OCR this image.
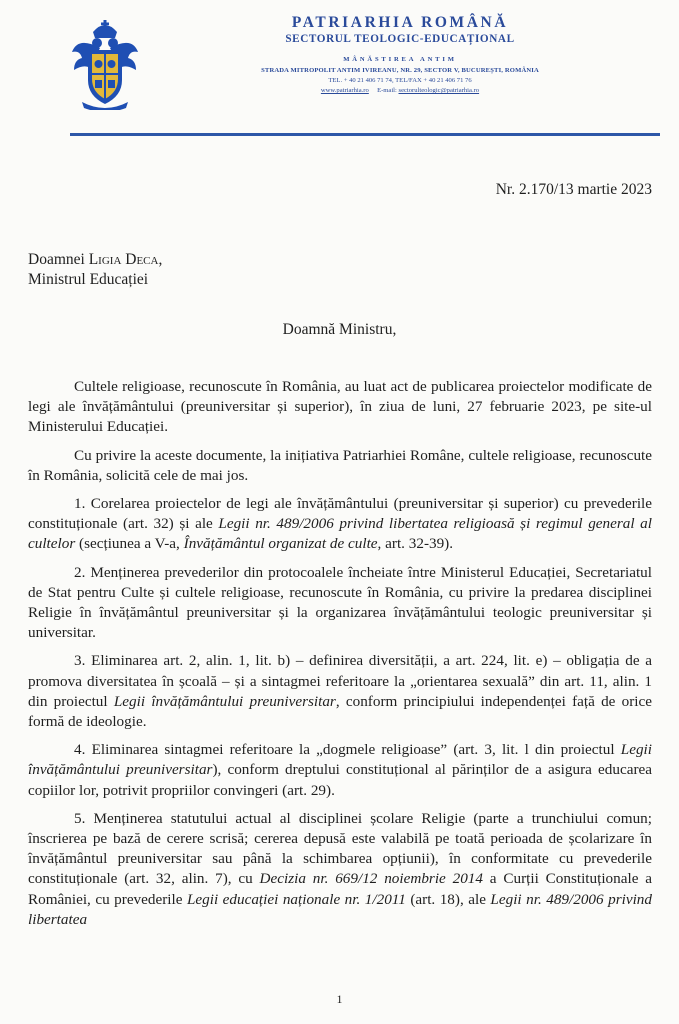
PATRIARHIA ROMÂNĂ
SECTORUL TEOLOGIC-EDUCAȚIONAL
MÂNĂSTIREA ANTIM
STRADA MITROPOLIT ANTIM IVIREANU, NR. 29, SECTOR V, BUCUREȘTI, ROMÂNIA
TEL. + 40 21 406 71 74, TEL/FAX + 40 21 406 71 76
www.patriarhia.ro E-mail: sectorulteologic@patriarhia.ro
Nr. 2.170/13 martie 2023
Doamnei Ligia Deca,
Ministrul Educației
Doamnă Ministru,

Cultele religioase, recunoscute în România, au luat act de publicarea proiectelor modificate de legi ale învățământului (preuniversitar și superior), în ziua de luni, 27 februarie 2023, pe site-ul Ministerului Educației.

Cu privire la aceste documente, la inițiativa Patriarhiei Române, cultele religioase, recunoscute în România, solicită cele de mai jos.

1. Corelarea proiectelor de legi ale învățământului (preuniversitar și superior) cu prevederile constituționale (art. 32) și ale Legii nr. 489/2006 privind libertatea religioasă și regimul general al cultelor (secțiunea a V-a, Învățământul organizat de culte, art. 32-39).

2. Menținerea prevederilor din protocoalele încheiate între Ministerul Educației, Secretariatul de Stat pentru Culte și cultele religioase, recunoscute în România, cu privire la predarea disciplinei Religie în învățământul preuniversitar și la organizarea învățământului teologic preuniversitar și universitar.

3. Eliminarea art. 2, alin. 1, lit. b) – definirea diversității, a art. 224, lit. e) – obligația de a promova diversitatea în școală – și a sintagmei referitoare la „orientarea sexuală” din art. 11, alin. 1 din proiectul Legii învățământului preuniversitar, conform principiului independenței față de orice formă de ideologie.

4. Eliminarea sintagmei referitoare la „dogmele religioase” (art. 3, lit. l din proiectul Legii învățământului preuniversitar), conform dreptului constituțional al părinților de a asigura educarea copiilor lor, potrivit propriilor convingeri (art. 29).

5. Menținerea statutului actual al disciplinei școlare Religie (parte a trunchiului comun; înscrierea pe bază de cerere scrisă; cererea depusă este valabilă pe toată perioada de școlarizare în învățământul preuniversitar sau până la schimbarea opțiunii), în conformitate cu prevederile constituționale (art. 32, alin. 7), cu Decizia nr. 669/12 noiembrie 2014 a Curții Constituționale a României, cu prevederile Legii educației naționale nr. 1/2011 (art. 18), ale Legii nr. 489/2006 privind libertatea

1
